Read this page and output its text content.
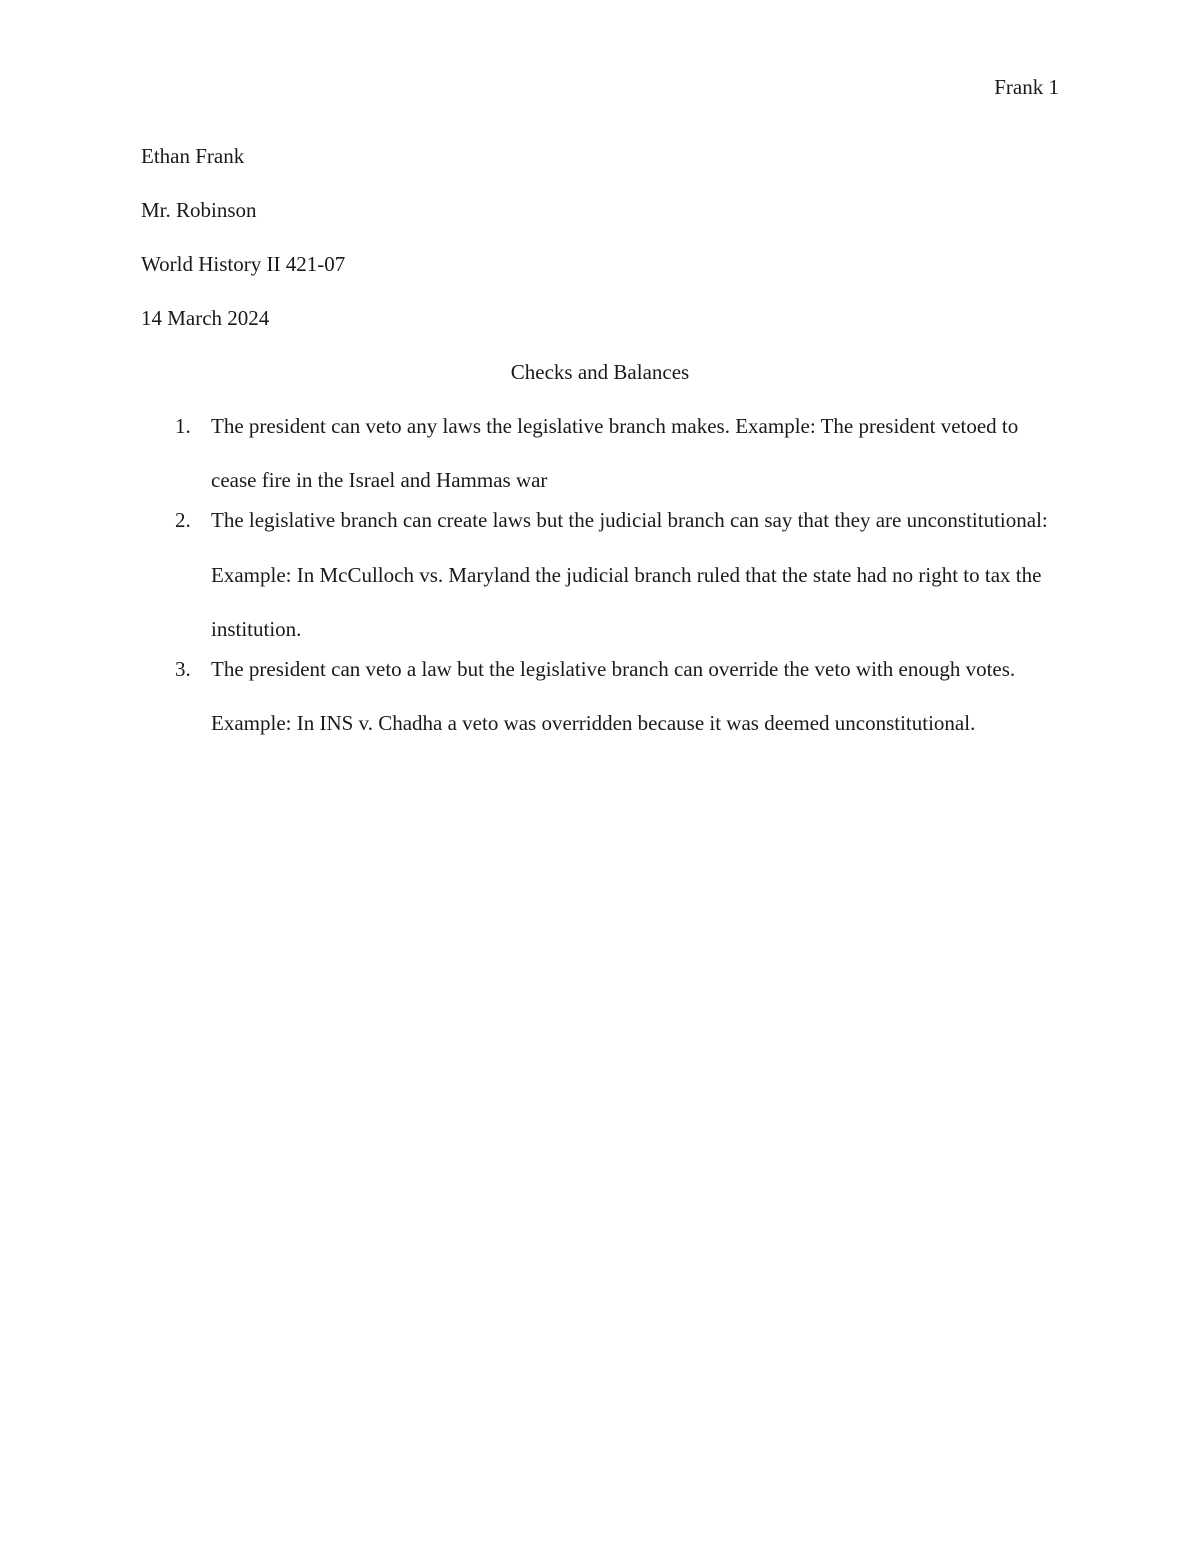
Frank 1
Ethan Frank
Mr. Robinson
World History II 421-07
14 March 2024
Checks and Balances
1. The president can veto any laws the legislative branch makes. Example: The president vetoed to cease fire in the Israel and Hammas war
2. The legislative branch can create laws but the judicial branch can say that they are unconstitutional: Example: In McCulloch vs. Maryland the judicial branch ruled that the state had no right to tax the institution.
3. The president can veto a law but the legislative branch can override the veto with enough votes. Example: In INS v. Chadha a veto was overridden because it was deemed unconstitutional.
